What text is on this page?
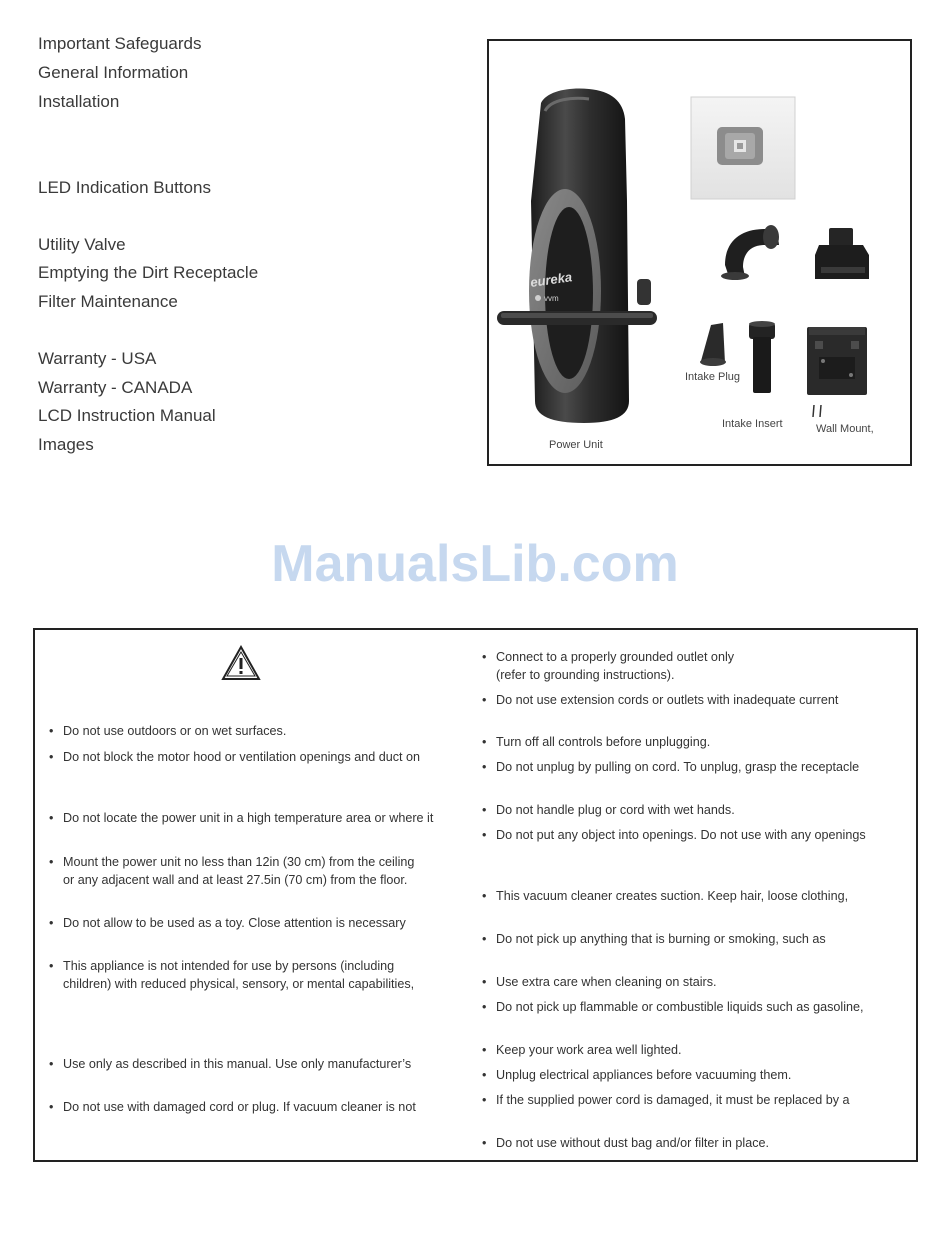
Important Safeguards
General Information
Installation
LED Indication Buttons
Utility Valve
Emptying the Dirt Receptacle
Filter Maintenance
Warranty - USA
Warranty - CANADA
LCD Instruction Manual
Images
eureka
vvm
Power Unit
Intake Plug
Intake Insert	Wall Mount,
ManualsLib.com
• Do not use outdoors or on wet surfaces.
• Do not block the motor hood or ventilation openings and duct on
• Do not locate the power unit in a high temperature area or where it
• Mount the power unit no less than 12in (30 cm) from the ceiling
or any adjacent wall and at least 27.5in (70 cm) from the floor.
• Do not allow to be used as a toy. Close attention is necessary
• This appliance is not intended for use by persons (including
children) with reduced physical, sensory, or mental capabilities,
• Use only as described in this manual. Use only manufacturer’s
• Do not use with damaged cord or plug. If vacuum cleaner is not
• Connect to a properly grounded outlet only
(refer to grounding instructions).
• Do not use extension cords or outlets with inadequate current
• Turn off all controls before unplugging.
• Do not unplug by pulling on cord. To unplug, grasp the receptacle
• Do not handle plug or cord with wet hands.
• Do not put any object into openings. Do not use with any openings
• This vacuum cleaner creates suction. Keep hair, loose clothing,
• Do not pick up anything that is burning or smoking, such as
• Use extra care when cleaning on stairs.
• Do not pick up flammable or combustible liquids such as gasoline,
• Keep your work area well lighted.
• Unplug electrical appliances before vacuuming them.
• If the supplied power cord is damaged, it must be replaced by a
• Do not use without dust bag and/or filter in place.
